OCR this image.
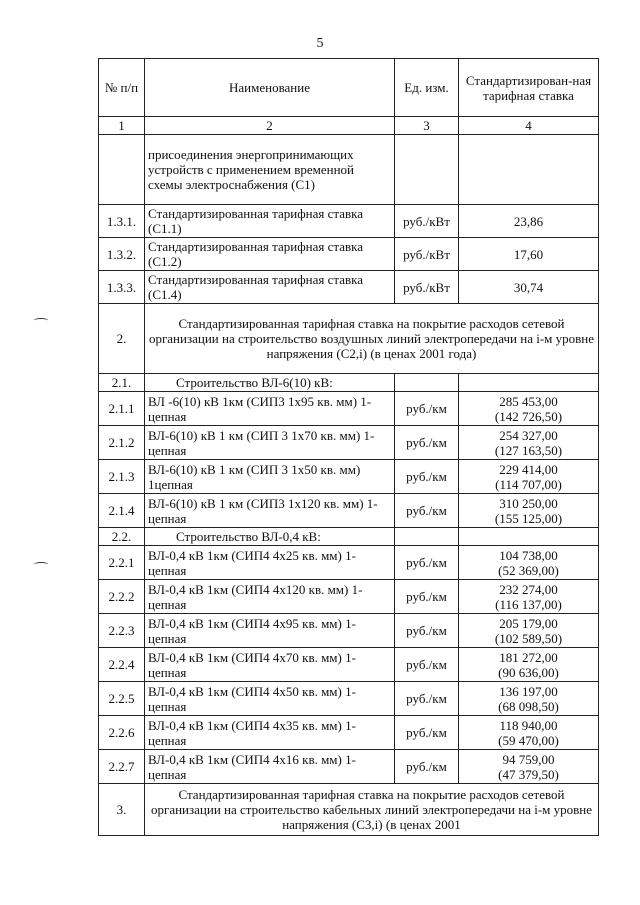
5
№ п/п	Наименование	Ед. изм.	Стандартизирован-ная тарифная ставка
1	2	3	4
	присоединения энергопринимающих устройств с применением временной схемы электроснабжения (С1)		
1.3.1.	Стандартизированная тарифная ставка (С1.1)	руб./кВт	23,86
1.3.2.	Стандартизированная тарифная ставка (С1.2)	руб./кВт	17,60
1.3.3.	Стандартизированная тарифная ставка (С1.4)	руб./кВт	30,74
2.	Стандартизированная тарифная ставка на покрытие расходов сетевой организации на строительство воздушных линий электропередачи на i-м уровне напряжения (С2,i) (в ценах 2001 года)		
2.1.	Строительство ВЛ-6(10) кВ:		
2.1.1	ВЛ -6(10) кВ 1км (СИП3 1х95 кв. мм) 1-цепная	руб./км	285 453,00
(142 726,50)
2.1.2	ВЛ-6(10) кВ 1 км (СИП 3 1х70 кв. мм) 1-цепная	руб./км	254 327,00
(127 163,50)
2.1.3	ВЛ-6(10) кВ 1 км (СИП 3 1х50 кв. мм) 1цепная	руб./км	229 414,00
(114 707,00)
2.1.4	ВЛ-6(10) кВ 1 км (СИП3 1х120 кв. мм) 1-цепная	руб./км	310 250,00
(155 125,00)
2.2.	Строительство ВЛ-0,4 кВ:		
2.2.1	ВЛ-0,4 кВ 1км (СИП4 4х25 кв. мм) 1- цепная	руб./км	104 738,00
(52 369,00)
2.2.2	ВЛ-0,4 кВ 1км (СИП4 4х120 кв. мм) 1- цепная	руб./км	232 274,00
(116 137,00)
2.2.3	ВЛ-0,4 кВ 1км (СИП4 4х95 кв. мм) 1- цепная	руб./км	205 179,00
(102 589,50)
2.2.4	ВЛ-0,4 кВ 1км (СИП4 4х70 кв. мм) 1- цепная	руб./км	181 272,00
(90 636,00)
2.2.5	ВЛ-0,4 кВ 1км (СИП4 4х50 кв. мм) 1- цепная	руб./км	136 197,00
(68 098,50)
2.2.6	ВЛ-0,4 кВ 1км (СИП4 4х35 кв. мм) 1- цепная	руб./км	118 940,00
(59 470,00)
2.2.7	ВЛ-0,4 кВ 1км (СИП4 4х16 кв. мм) 1- цепная	руб./км	94 759,00
(47 379,50)
3.	Стандартизированная тарифная ставка на покрытие расходов сетевой организации на строительство кабельных линий электропередачи на i-м уровне напряжения (С3,i) (в ценах 2001		
